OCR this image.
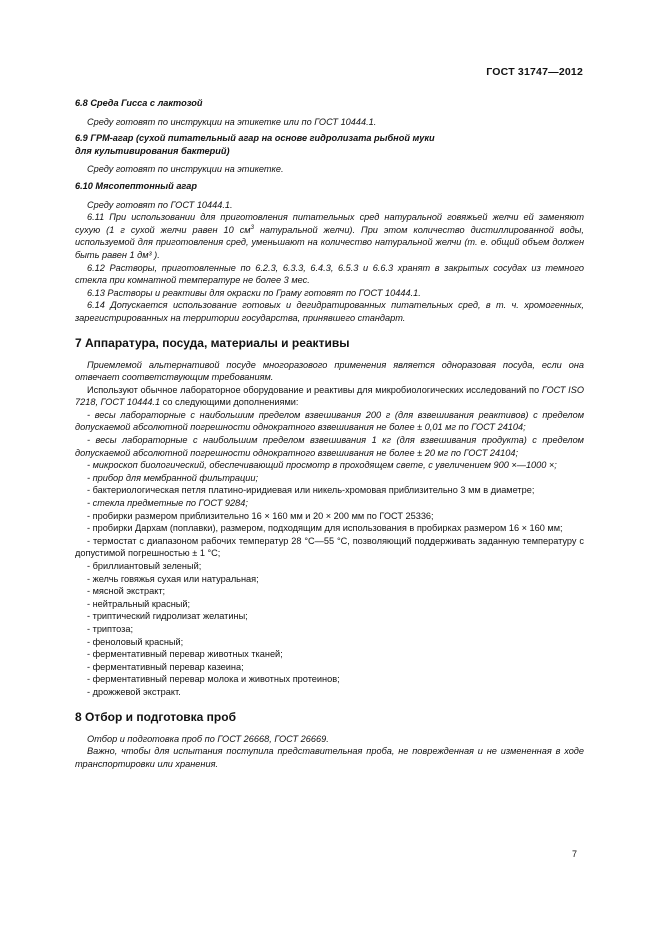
ГОСТ 31747—2012

6.8 Среда Гисса с лактозой

Среду готовят по инструкции на этикетке или по ГОСТ 10444.1.

6.9 ГРМ-агар (сухой питательный агар на основе гидролизата рыбной муки

для культивирования бактерий)

Среду готовят по инструкции на этикетке.

6.10 Мясопептонный агар

Среду готовят по ГОСТ 10444.1.

6.11 При использовании для приготовления питательных сред натуральной говяжьей желчи ей заменяют сухую (1 г сухой желчи равен 10 $см^3$ натуральной желчи). При этом количество дистиллированной воды, используемой для приготовления сред, уменьшают на количество натуральной желчи (т. е. общий объем должен быть равен 1 дм³ ).

6.12 Растворы, приготовленные по 6.2.3, 6.3.3, 6.4.3, 6.5.3 и 6.6.3 хранят в закрытых сосудах из темного стекла при комнатной температуре не более 3 мес.

6.13 Растворы и реактивы для окраски по Граму готовят по ГОСТ 10444.1.

6.14 Допускается использование готовых и дегидратированных питательных сред, в т. ч. хромогенных, зарегистрированных на территории государства, принявшего стандарт.

7 Аппаратура, посуда, материалы и реактивы

Приемлемой альтернативой посуде многоразового применения является одноразовая посуда, если она отвечает соответствующим требованиям.

Используют обычное лабораторное оборудование и реактивы для микробиологических исследований по ГОСТ ISO 7218, ГОСТ 10444.1 со следующими дополнениями:

- весы лабораторные с наибольшим пределом взвешивания 200 г (для взвешивания реактивов) с пределом допускаемой абсолютной погрешности однократного взвешивания не более ± 0,01 мг по ГОСТ 24104;

- весы лабораторные с наибольшим пределом взвешивания 1 кг (для взвешивания продукта) с пределом допускаемой абсолютной погрешности однократного взвешивания не более ± 20 мг по ГОСТ 24104;

- микроскоп биологический, обеспечивающий просмотр в проходящем свете, с увеличением 900 ×—1000 ×;

- прибор для мембранной фильтрации;

- бактериологическая петля платино-иридиевая или никель-хромовая приблизительно 3 мм в диаметре;

- стекла предметные по ГОСТ 9284;

- пробирки размером приблизительно 16 × 160 мм и 20 × 200 мм по ГОСТ 25336;

- пробирки Дархам (поплавки), размером, подходящим для использования в пробирках размером 16 × 160 мм;

- термостат с диапазоном рабочих температур 28 °С—55 °С, позволяющий поддерживать заданную температуру с допустимой погрешностью ± 1 °С;

- бриллиантовый зеленый;

- желчь говяжья сухая или натуральная;

- мясной экстракт;

- нейтральный красный;

- триптический гидролизат желатины;

- триптоза;

- феноловый красный;

- ферментативный перевар животных тканей;

- ферментативный перевар казеина;

- ферментативный перевар молока и животных протеинов;

- дрожжевой экстракт.

8 Отбор и подготовка проб

Отбор и подготовка проб по ГОСТ 26668, ГОСТ 26669.

Важно, чтобы для испытания поступила представительная проба, не поврежденная и не измененная в ходе транспортировки или хранения.

7
